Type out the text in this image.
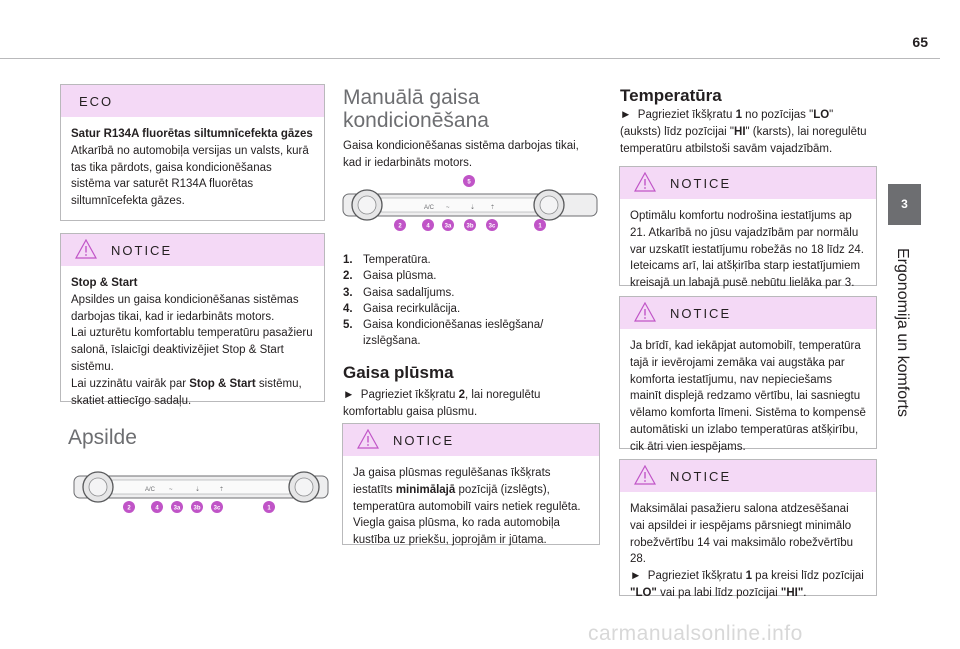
65
3
Ergonomija un komforts
ECO
Satur R134A fluorētas siltumnīcefekta gāzes
Atkarībā no automobiļa versijas un valsts, kurā tas tika pārdots, gaisa kondicionēšanas sistēma var saturēt R134A fluorētas siltumnīcefekta gāzes.
NOTICE
Stop & Start
Apsildes un gaisa kondicionēšanas sistēmas darbojas tikai, kad ir iedarbināts motors.
Lai uzturētu komfortablu temperatūru pasažieru salonā, īslaicīgi deaktivizējiet Stop & Start sistēmu.
Lai uzzinātu vairāk par Stop & Start sistēmu, skatiet attiecīgo sadaļu.
Apsilde
A/C ~	⇣	⇡
2	4 3a 3b 3c	1
Manuālā gaisa
kondicionēšana
Gaisa kondicionēšanas sistēma darbojas tikai, kad ir iedarbināts motors.
A/C ~	⇣ ⇡
5
2	4 3a	3b	3c	1
1. Temperatūra.
2. Gaisa plūsma.
3. Gaisa sadalījums.
4. Gaisa recirkulācija.
5. Gaisa kondicionēšanas ieslēgšana/ izslēgšana.
Gaisa plūsma
► Pagrieziet īkšķratu 2, lai noregulētu komfortablu gaisa plūsmu.
NOTICE
Ja gaisa plūsmas regulēšanas īkšķrats iestatīts minimālajā pozīcijā (izslēgts), temperatūra automobilī vairs netiek regulēta. Viegla gaisa plūsma, ko rada automobiļa kustība uz priekšu, joprojām ir jūtama.
Temperatūra
► Pagrieziet īkšķratu 1 no pozīcijas "LO" (auksts) līdz pozīcijai "HI" (karsts), lai noregulētu temperatūru atbilstoši savām vajadzībām.
NOTICE
Optimālu komfortu nodrošina iestatījums ap 21. Atkarībā no jūsu vajadzībām par normālu var uzskatīt iestatījumu robežās no 18 līdz 24. Ieteicams arī, lai atšķirība starp iestatījumiem kreisajā un labajā pusē nebūtu lielāka par 3.
NOTICE
Ja brīdī, kad iekāpjat automobilī, temperatūra tajā ir ievērojami zemāka vai augstāka par komforta iestatījumu, nav nepieciešams mainīt displejā redzamo vērtību, lai sasniegtu vēlamo komforta līmeni. Sistēma to kompensē automātiski un izlabo temperatūras atšķirību, cik ātri vien iespējams.
NOTICE
Maksimālai pasažieru salona atdzesēšanai vai apsildei ir iespējams pārsniegt minimālo robežvērtību 14 vai maksimālo robežvērtību 28.
► Pagrieziet īkšķratu 1 pa kreisi līdz pozīcijai "LO" vai pa labi līdz pozīcijai "HI".
carmanualsonline.info
